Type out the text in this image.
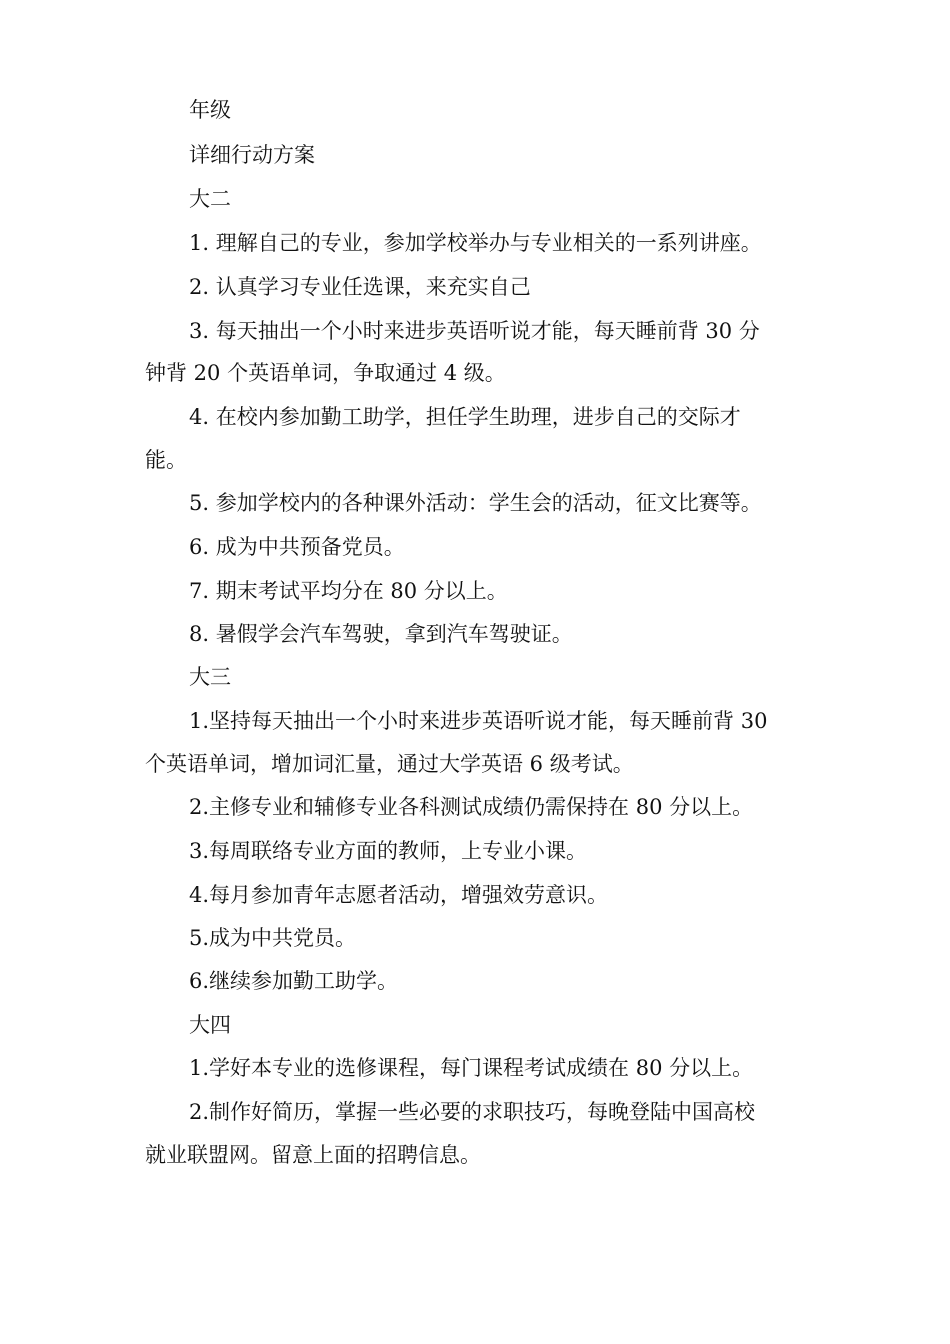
年级
详细行动方案
大二
1. 理解自己的专业，参加学校举办与专业相关的一系列讲座。
2. 认真学习专业任选课，来充实自己
3. 每天抽出一个小时来进步英语听说才能，每天睡前背 30 分
钟背 20 个英语单词，争取通过 4 级。
4. 在校内参加勤工助学，担任学生助理，进步自己的交际才
能。
5. 参加学校内的各种课外活动：学生会的活动，征文比赛等。
6. 成为中共预备党员。
7. 期末考试平均分在 80 分以上。
8. 暑假学会汽车驾驶，拿到汽车驾驶证。
大三
1.坚持每天抽出一个小时来进步英语听说才能，每天睡前背 30
个英语单词，增加词汇量，通过大学英语 6 级考试。
2.主修专业和辅修专业各科测试成绩仍需保持在 80 分以上。
3.每周联络专业方面的教师，上专业小课。
4.每月参加青年志愿者活动，增强效劳意识。
5.成为中共党员。
6.继续参加勤工助学。
大四
1.学好本专业的选修课程，每门课程考试成绩在 80 分以上。
2.制作好简历，掌握一些必要的求职技巧，每晚登陆中国高校
就业联盟网。留意上面的招聘信息。
